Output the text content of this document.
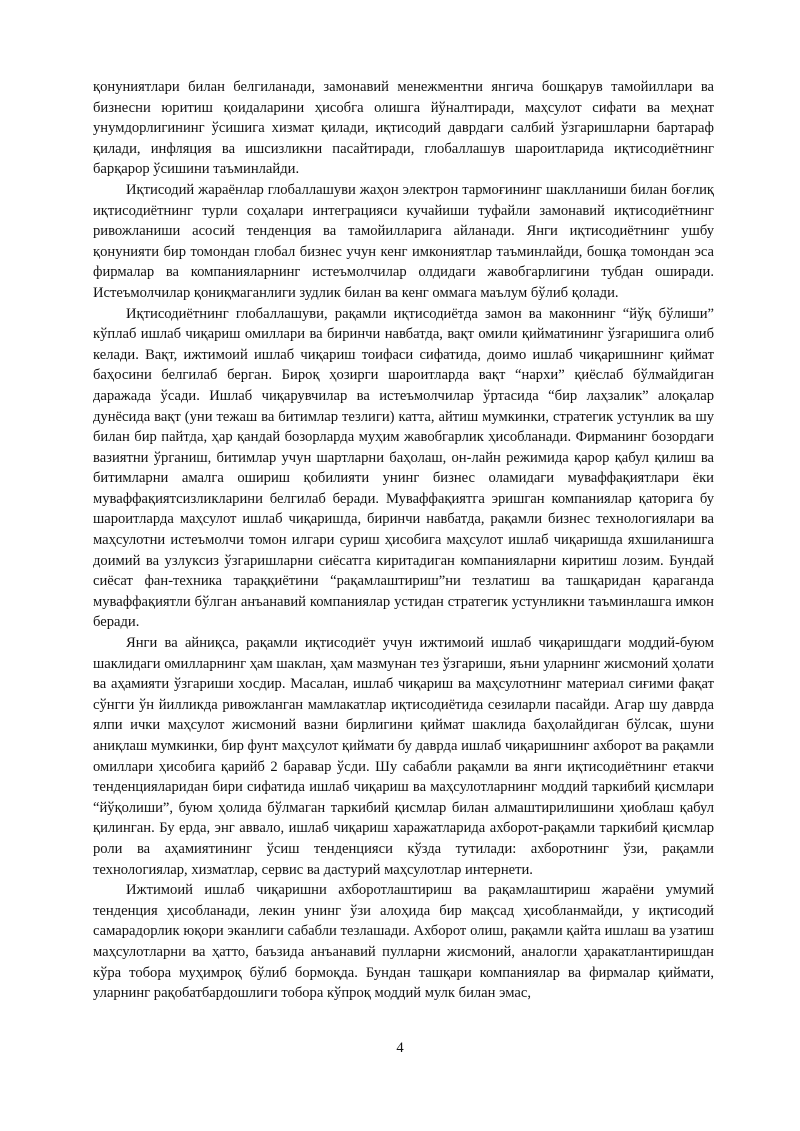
қонуниятлари билан белгиланади, замонавий менежментни янгича бошқарув тамойиллари ва бизнесни юритиш қоидаларини ҳисобга олишга йўналтиради, маҳсулот сифати ва меҳнат унумдорлигининг ўсишига хизмат қилади, иқтисодий даврдаги салбий ўзгаришларни бартараф қилади, инфляция ва ишсизликни пасайтиради, глобаллашув шароитларида иқтисодиётнинг барқарор ўсишини таъминлайди.

Иқтисодий жараёнлар глобаллашуви жаҳон электрон тармоғининг шаклланиши билан боғлиқ иқтисодиётнинг турли соҳалари интеграцияси кучайиши туфайли замонавий иқтисодиётнинг ривожланиши асосий тенденция ва тамойилларига айланади. Янги иқтисодиётнинг ушбу қонунияти бир томондан глобал бизнес учун кенг имкониятлар таъминлайди, бошқа томондан эса фирмалар ва компанияларнинг истеъмолчилар олдидаги жавобгарлигини тубдан оширади. Истеъмолчилар қониқмаганлиги зудлик билан ва кенг оммага маълум бўлиб қолади.

Иқтисодиётнинг глобаллашуви, рақамли иқтисодиётда замон ва маконнинг “йўқ бўлиши” кўплаб ишлаб чиқариш омиллари ва биринчи навбатда, вақт омили қийматининг ўзгаришига олиб келади. Вақт, ижтимоий ишлаб чиқариш тоифаси сифатида, доимо ишлаб чиқаришнинг қиймат баҳосини белгилаб берган. Бироқ ҳозирги шароитларда вақт “нархи” қиёслаб бўлмайдиган даражада ўсади. Ишлаб чиқарувчилар ва истеъмолчилар ўртасида “бир лаҳзалик” алоқалар дунёсида вақт (уни тежаш ва битимлар тезлиги) катта, айтиш мумкинки, стратегик устунлик ва шу билан бир пайтда, ҳар қандай бозорларда муҳим жавобгарлик ҳисобланади. Фирманинг бозордаги вазиятни ўрганиш, битимлар учун шартларни баҳолаш, он-лайн режимида қарор қабул қилиш ва битимларни амалга ошириш қобилияти унинг бизнес оламидаги муваффақиятлари ёки муваффақиятсизликларини белгилаб беради. Муваффақиятга эришган компаниялар қаторига бу шароитларда маҳсулот ишлаб чиқаришда, биринчи навбатда, рақамли бизнес технологиялари ва маҳсулотни истеъмолчи томон илгари суриш ҳисобига маҳсулот ишлаб чиқаришда яхшиланишга доимий ва узлуксиз ўзгаришларни сиёсатга киритадиган компанияларни киритиш лозим. Бундай сиёсат фан-техника тараққиётини “рақамлаштириш”ни тезлатиш ва ташқаридан қараганда муваффақиятли бўлган анъанавий компаниялар устидан стратегик устунликни таъминлашга имкон беради.

Янги ва айниқса, рақамли иқтисодиёт учун ижтимоий ишлаб чиқаришдаги моддий-буюм шаклидаги омилларнинг ҳам шаклан, ҳам мазмунан тез ўзгариши, яъни уларнинг жисмоний ҳолати ва аҳамияти ўзгариши хосдир. Масалан, ишлаб чиқариш ва маҳсулотнинг материал сиғими фақат сўнгги ўн йилликда ривожланган мамлакатлар иқтисодиётида сезиларли пасайди. Агар шу даврда ялпи ички маҳсулот жисмоний вазни бирлигини қиймат шаклида баҳолайдиган бўлсак, шуни аниқлаш мумкинки, бир фунт маҳсулот қиймати бу даврда ишлаб чиқаришнинг ахборот ва рақамли омиллари ҳисобига қарийб 2 баравар ўсди. Шу сабабли рақамли ва янги иқтисодиётнинг етакчи тенденцияларидан бири сифатида ишлаб чиқариш ва маҳсулотларнинг моддий таркибий қисмлари “йўқолиши”, буюм ҳолида бўлмаган таркибий қисмлар билан алмаштирилишини ҳиоблаш қабул қилинган. Бу ерда, энг аввало, ишлаб чиқариш харажатларида ахборот-рақамли таркибий қисмлар роли ва аҳамиятининг ўсиш тенденцияси кўзда тутилади: ахборотнинг ўзи, рақамли технологиялар, хизматлар, сервис ва дастурий маҳсулотлар интернети.

Ижтимоий ишлаб чиқаришни ахборотлаштириш ва рақамлаштириш жараёни умумий тенденция ҳисобланади, лекин унинг ўзи алоҳида бир мақсад ҳисобланмайди, у иқтисодий самарадорлик юқори эканлиги сабабли тезлашади. Ахборот олиш, рақамли қайта ишлаш ва узатиш маҳсулотларни ва ҳатто, баъзида анъанавий пулларни жисмоний, аналогли ҳаракатлантиришдан кўра тобора муҳимроқ бўлиб бормоқда. Бундан ташқари компаниялар ва фирмалар қиймати, уларнинг рақобатбардошлиги тобора кўпроқ моддий мулк билан эмас,

4
